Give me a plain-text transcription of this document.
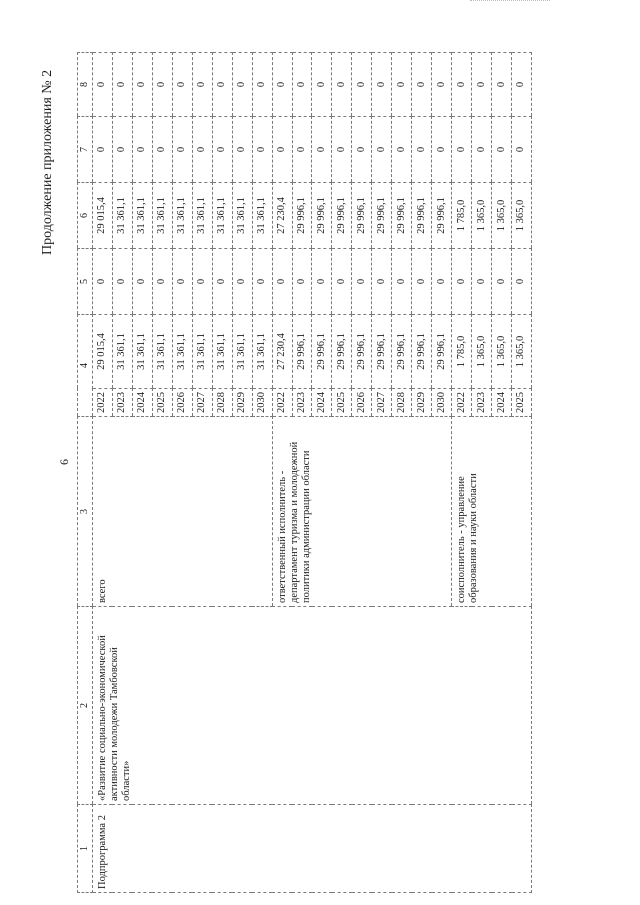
6
Продолжение приложения № 2
1	2	3	4		5	6	7	8
Подпрограмма 2	«Развитие социально-экономической активности молодежи Тамбовской области»	всего	2022	29 015,4	0	29 015,4	0	0
			2023	31 361,1	0	31 361,1	0	0
			2024	31 361,1	0	31 361,1	0	0
			2025	31 361,1	0	31 361,1	0	0
			2026	31 361,1	0	31 361,1	0	0
			2027	31 361,1	0	31 361,1	0	0
			2028	31 361,1	0	31 361,1	0	0
			2029	31 361,1	0	31 361,1	0	0
			2030	31 361,1	0	31 361,1	0	0
		ответственный исполнитель - департамент туризма и молодежной политики администрации области	2022	27 230,4	0	27 230,4	0	0
			2023	29 996,1	0	29 996,1	0	0
			2024	29 996,1	0	29 996,1	0	0
			2025	29 996,1	0	29 996,1	0	0
			2026	29 996,1	0	29 996,1	0	0
			2027	29 996,1	0	29 996,1	0	0
			2028	29 996,1	0	29 996,1	0	0
			2029	29 996,1	0	29 996,1	0	0
			2030	29 996,1	0	29 996,1	0	0
		соисполнитель - управление образования и науки области	2022	1 785,0	0	1 785,0	0	0
			2023	1 365,0	0	1 365,0	0	0
			2024	1 365,0	0	1 365,0	0	0
			2025	1 365,0	0	1 365,0	0	0
